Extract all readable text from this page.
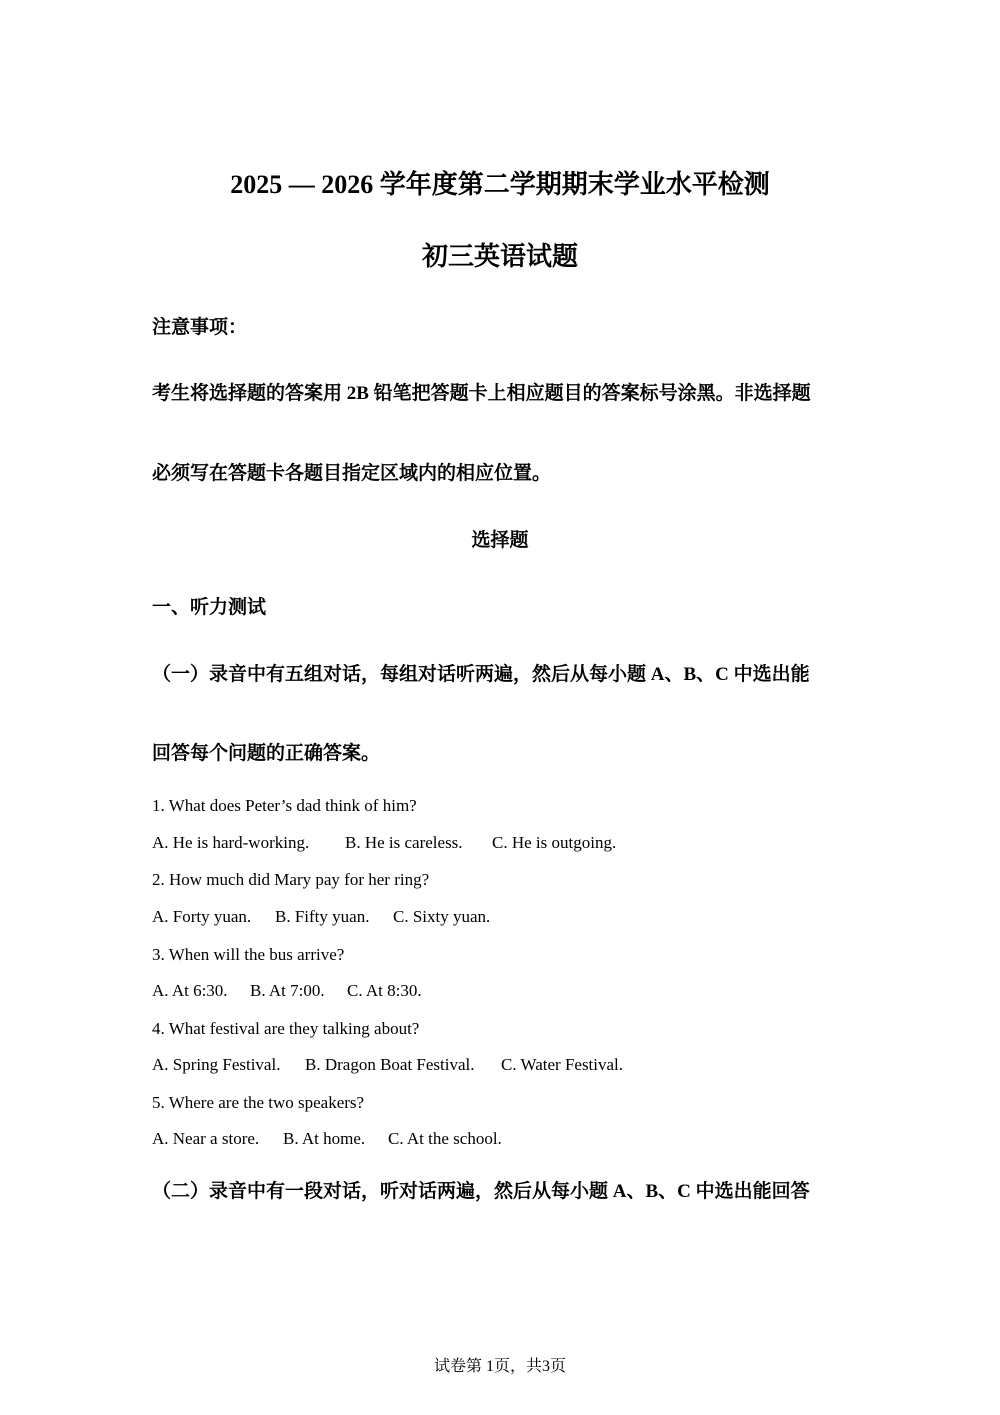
2025 — 2026 学年度第二学期期末学业水平检测
初三英语试题
注意事项：
考生将选择题的答案用 2B 铅笔把答题卡上相应题目的答案标号涂黑。非选择题
必须写在答题卡各题目指定区域内的相应位置。
选择题
一、听力测试
（一）录音中有五组对话，每组对话听两遍，然后从每小题 A、B、C 中选出能
回答每个问题的正确答案。
1. What does Peter’s dad think of him?
A. He is hard-working. B. He is careless. C. He is outgoing.
2. How much did Mary pay for her ring?
A. Forty yuan. B. Fifty yuan. C. Sixty yuan.
3. When will the bus arrive?
A. At 6:30. B. At 7:00. C. At 8:30.
4. What festival are they talking about?
A. Spring Festival. B. Dragon Boat Festival. C. Water Festival.
5. Where are the two speakers?
A. Near a store. B. At home. C. At the school.
（二）录音中有一段对话，听对话两遍，然后从每小题 A、B、C 中选出能回答
试卷第 1页，共3页
